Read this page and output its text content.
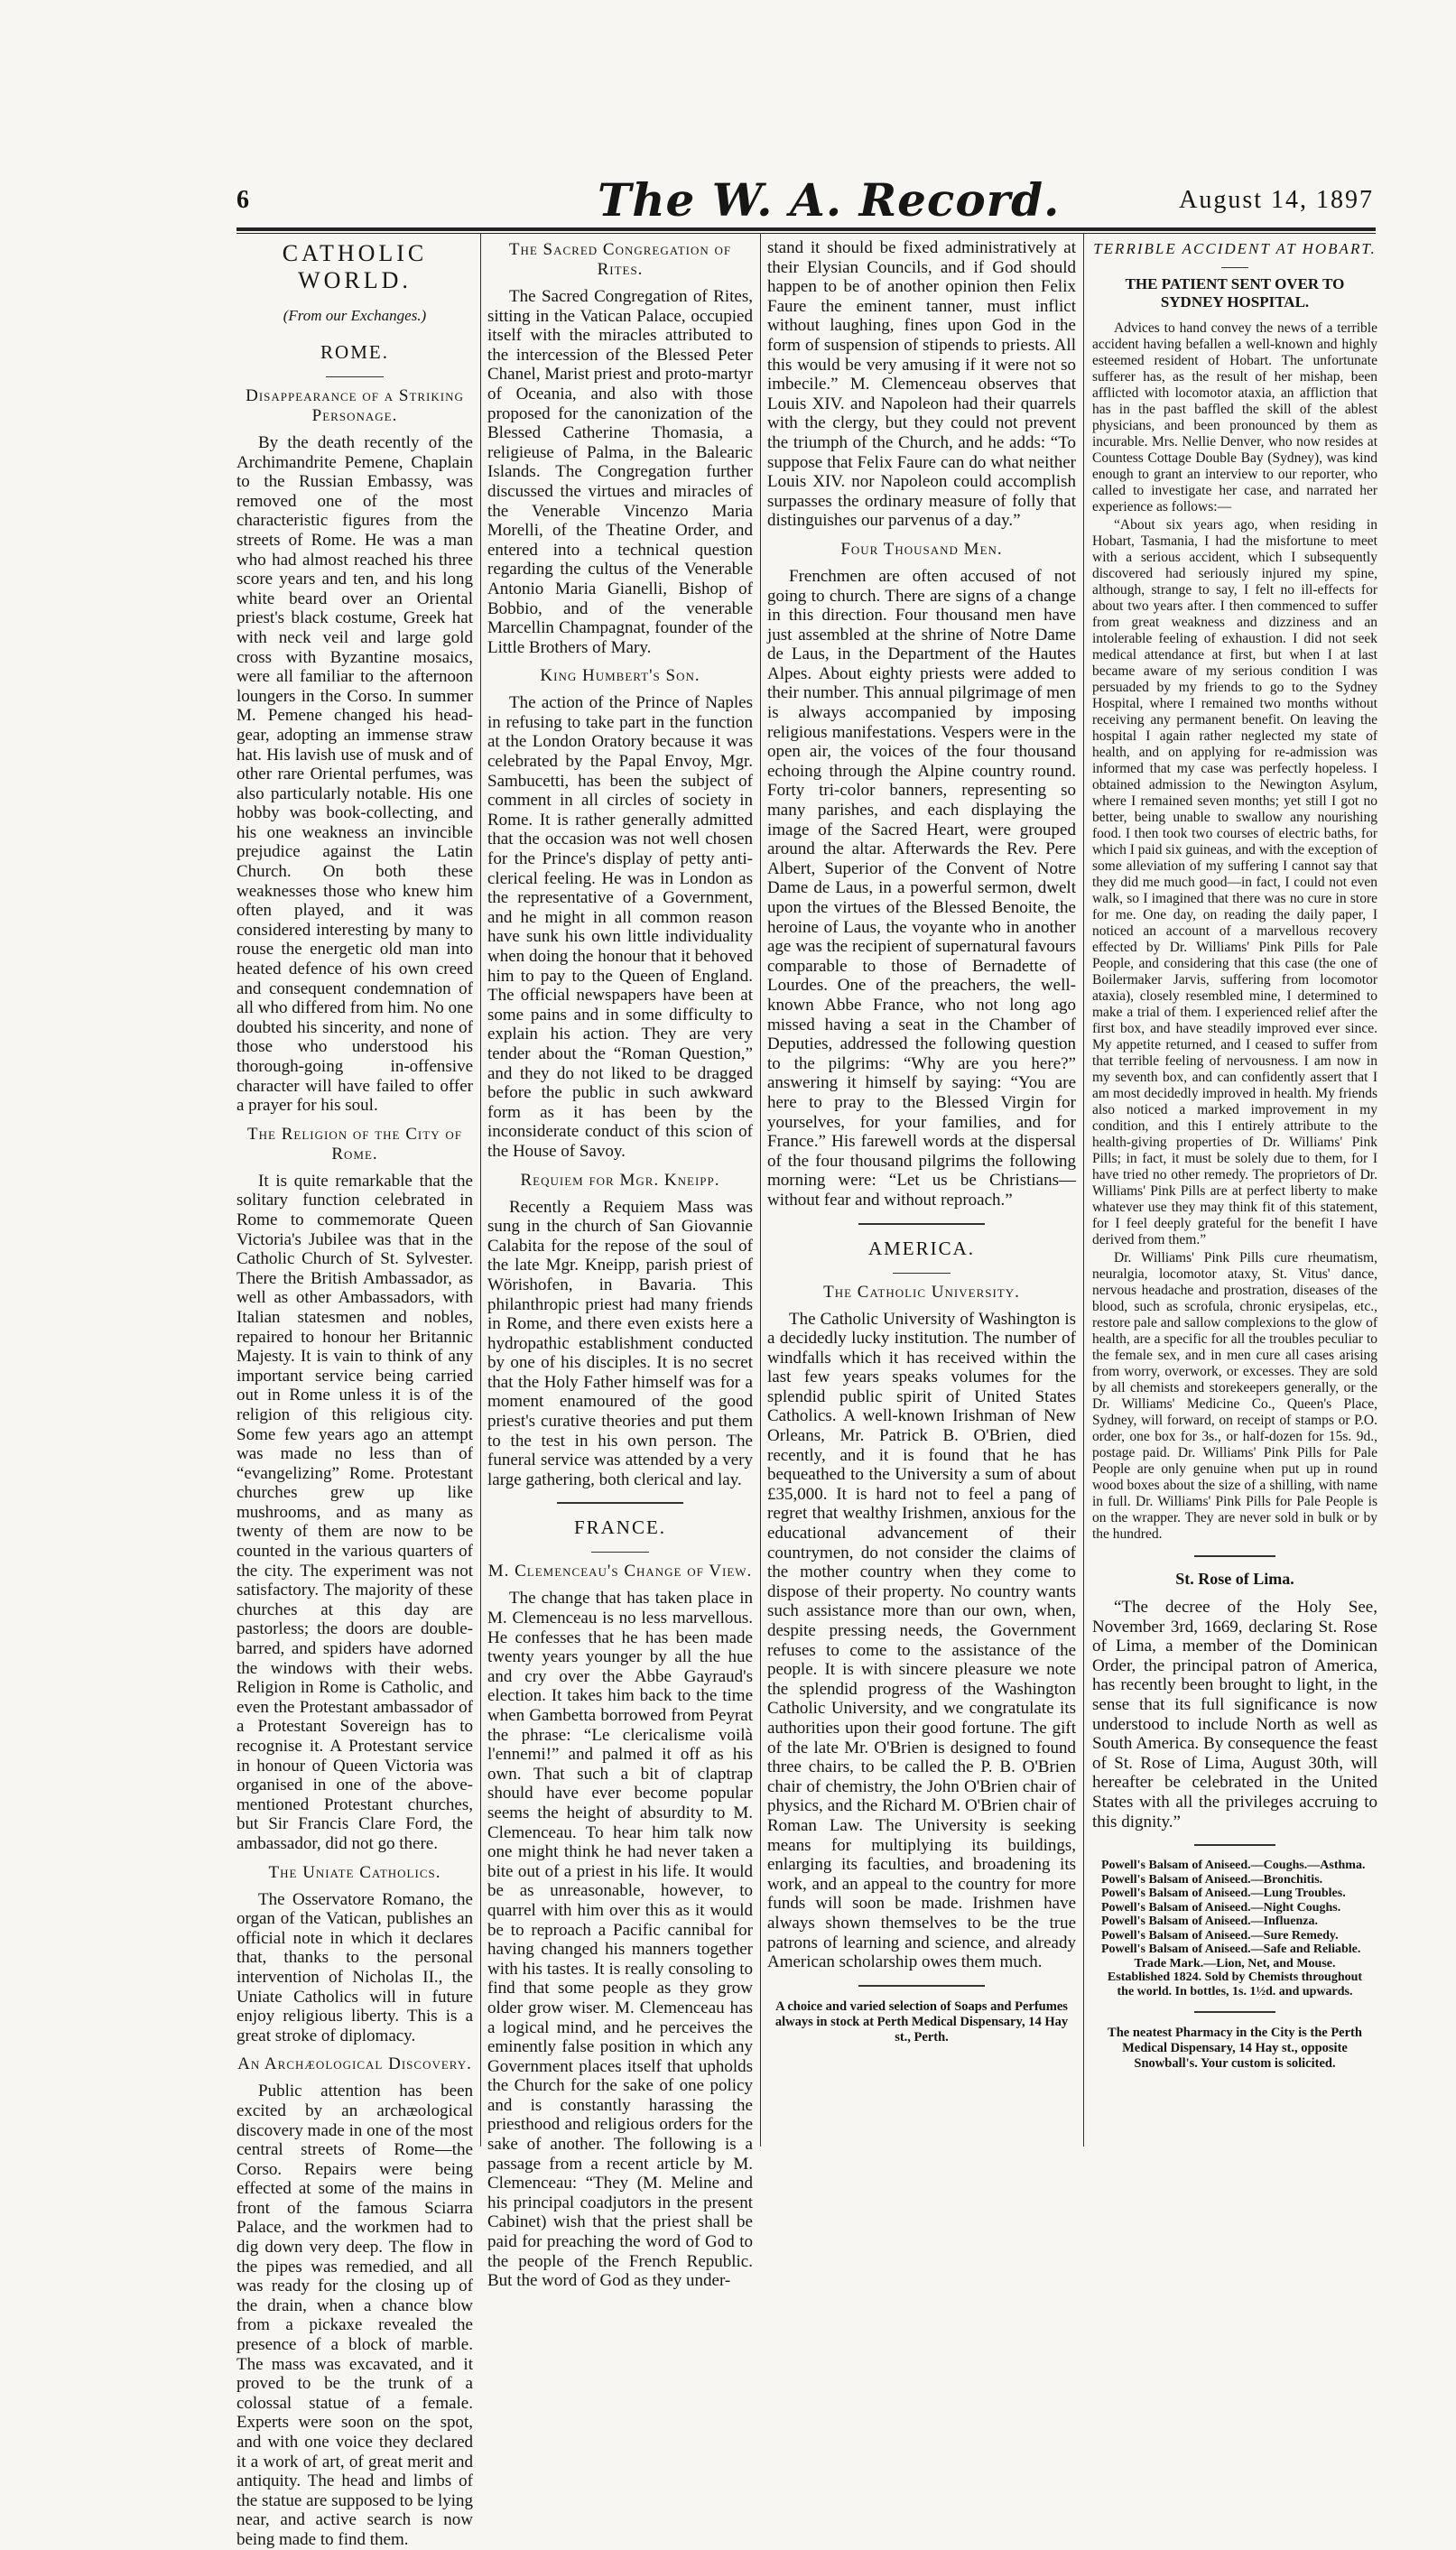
6	The W. A. Record.	August 14, 1897
CATHOLIC WORLD.
(From our Exchanges.)
ROME.
Disappearance of a Striking Personage.

By the death recently of the Archimandrite Pemene, Chaplain to the Russian Embassy, was removed one of the most characteristic figures from the streets of Rome. He was a man who had almost reached his three score years and ten, and his long white beard over an Oriental priest's black costume, Greek hat with neck veil and large gold cross with Byzantine mosaics, were all familiar to the afternoon loungers in the Corso. In summer M. Pemene changed his head-gear, adopting an immense straw hat. His lavish use of musk and of other rare Oriental perfumes, was also particularly notable. His one hobby was book-collecting, and his one weakness an invincible prejudice against the Latin Church. On both these weaknesses those who knew him often played, and it was considered interesting by many to rouse the energetic old man into heated defence of his own creed and consequent condemnation of all who differed from him. No one doubted his sincerity, and none of those who understood his thorough-going in-offensive character will have failed to offer a prayer for his soul.

The Religion of the City of Rome.

It is quite remarkable that the solitary function celebrated in Rome to commemorate Queen Victoria's Jubilee was that in the Catholic Church of St. Sylvester. There the British Ambassador, as well as other Ambassadors, with Italian statesmen and nobles, repaired to honour her Britannic Majesty. It is vain to think of any important service being carried out in Rome unless it is of the religion of this religious city. Some few years ago an attempt was made no less than of “evangelizing” Rome. Protestant churches grew up like mushrooms, and as many as twenty of them are now to be counted in the various quarters of the city. The experiment was not satisfactory. The majority of these churches at this day are pastorless; the doors are double-barred, and spiders have adorned the windows with their webs. Religion in Rome is Catholic, and even the Protestant ambassador of a Protestant Sovereign has to recognise it. A Protestant service in honour of Queen Victoria was organised in one of the above-mentioned Protestant churches, but Sir Francis Clare Ford, the ambassador, did not go there.

The Uniate Catholics.

The Osservatore Romano, the organ of the Vatican, publishes an official note in which it declares that, thanks to the personal intervention of Nicholas II., the Uniate Catholics will in future enjoy religious liberty. This is a great stroke of diplomacy.

An Archæological Discovery.

Public attention has been excited by an archæological discovery made in one of the most central streets of Rome—the Corso. Repairs were being effected at some of the mains in front of the famous Sciarra Palace, and the workmen had to dig down very deep. The flow in the pipes was remedied, and all was ready for the closing up of the drain, when a chance blow from a pickaxe revealed the presence of a block of marble. The mass was excavated, and it proved to be the trunk of a colossal statue of a female. Experts were soon on the spot, and with one voice they declared it a work of art, of great merit and antiquity. The head and limbs of the statue are supposed to be lying near, and active search is now being made to find them.

The Sacred Congregation of Rites.

The Sacred Congregation of Rites, sitting in the Vatican Palace, occupied itself with the miracles attributed to the intercession of the Blessed Peter Chanel, Marist priest and proto-martyr of Oceania, and also with those proposed for the canonization of the Blessed Catherine Thomasia, a religieuse of Palma, in the Balearic Islands. The Congregation further discussed the virtues and miracles of the Venerable Vincenzo Maria Morelli, of the Theatine Order, and entered into a technical question regarding the cultus of the Venerable Antonio Maria Gianelli, Bishop of Bobbio, and of the venerable Marcellin Champagnat, founder of the Little Brothers of Mary.

King Humbert's Son.

The action of the Prince of Naples in refusing to take part in the function at the London Oratory because it was celebrated by the Papal Envoy, Mgr. Sambucetti, has been the subject of comment in all circles of society in Rome. It is rather generally admitted that the occasion was not well chosen for the Prince's display of petty anti-clerical feeling. He was in London as the representative of a Government, and he might in all common reason have sunk his own little individuality when doing the honour that it behoved him to pay to the Queen of England. The official newspapers have been at some pains and in some difficulty to explain his action. They are very tender about the “Roman Question,” and they do not liked to be dragged before the public in such awkward form as it has been by the inconsiderate conduct of this scion of the House of Savoy.

Requiem for Mgr. Kneipp.

Recently a Requiem Mass was sung in the church of San Giovannie Calabita for the repose of the soul of the late Mgr. Kneipp, parish priest of Wörishofen, in Bavaria. This philanthropic priest had many friends in Rome, and there even exists here a hydropathic establishment conducted by one of his disciples. It is no secret that the Holy Father himself was for a moment enamoured of the good priest's curative theories and put them to the test in his own person. The funeral service was attended by a very large gathering, both clerical and lay.

FRANCE.
M. Clemenceau's Change of View.

The change that has taken place in M. Clemenceau is no less marvellous. He confesses that he has been made twenty years younger by all the hue and cry over the Abbe Gayraud's election. It takes him back to the time when Gambetta borrowed from Peyrat the phrase: “Le clericalisme voilà l'ennemi!” and palmed it off as his own. That such a bit of claptrap should have ever become popular seems the height of absurdity to M. Clemenceau. To hear him talk now one might think he had never taken a bite out of a priest in his life. It would be as unreasonable, however, to quarrel with him over this as it would be to reproach a Pacific cannibal for having changed his manners together with his tastes. It is really consoling to find that some people as they grow older grow wiser. M. Clemenceau has a logical mind, and he perceives the eminently false position in which any Government places itself that upholds the Church for the sake of one policy and is constantly harassing the priesthood and religious orders for the sake of another. The following is a passage from a recent article by M. Clemenceau: “They (M. Meline and his principal coadjutors in the present Cabinet) wish that the priest shall be paid for preaching the word of God to the people of the French Republic. But the word of God as they under-

stand it should be fixed administratively at their Elysian Councils, and if God should happen to be of another opinion then Felix Faure the eminent tanner, must inflict without laughing, fines upon God in the form of suspension of stipends to priests. All this would be very amusing if it were not so imbecile.” M. Clemenceau observes that Louis XIV. and Napoleon had their quarrels with the clergy, but they could not prevent the triumph of the Church, and he adds: “To suppose that Felix Faure can do what neither Louis XIV. nor Napoleon could accomplish surpasses the ordinary measure of folly that distinguishes our parvenus of a day.”

Four Thousand Men.

Frenchmen are often accused of not going to church. There are signs of a change in this direction. Four thousand men have just assembled at the shrine of Notre Dame de Laus, in the Department of the Hautes Alpes. About eighty priests were added to their number. This annual pilgrimage of men is always accompanied by imposing religious manifestations. Vespers were in the open air, the voices of the four thousand echoing through the Alpine country round. Forty tri-color banners, representing so many parishes, and each displaying the image of the Sacred Heart, were grouped around the altar. Afterwards the Rev. Pere Albert, Superior of the Convent of Notre Dame de Laus, in a powerful sermon, dwelt upon the virtues of the Blessed Benoite, the heroine of Laus, the voyante who in another age was the recipient of supernatural favours comparable to those of Bernadette of Lourdes. One of the preachers, the well-known Abbe France, who not long ago missed having a seat in the Chamber of Deputies, addressed the following question to the pilgrims: “Why are you here?” answering it himself by saying: “You are here to pray to the Blessed Virgin for yourselves, for your families, and for France.” His farewell words at the dispersal of the four thousand pilgrims the following morning were: “Let us be Christians—without fear and without reproach.”

AMERICA.
The Catholic University.

The Catholic University of Washington is a decidedly lucky institution. The number of windfalls which it has received within the last few years speaks volumes for the splendid public spirit of United States Catholics. A well-known Irishman of New Orleans, Mr. Patrick B. O'Brien, died recently, and it is found that he has bequeathed to the University a sum of about £35,000. It is hard not to feel a pang of regret that wealthy Irishmen, anxious for the educational advancement of their countrymen, do not consider the claims of the mother country when they come to dispose of their property. No country wants such assistance more than our own, when, despite pressing needs, the Government refuses to come to the assistance of the people. It is with sincere pleasure we note the splendid progress of the Washington Catholic University, and we congratulate its authorities upon their good fortune. The gift of the late Mr. O'Brien is designed to found three chairs, to be called the P. B. O'Brien chair of chemistry, the John O'Brien chair of physics, and the Richard M. O'Brien chair of Roman Law. The University is seeking means for multiplying its buildings, enlarging its faculties, and broadening its work, and an appeal to the country for more funds will soon be made. Irishmen have always shown themselves to be the true patrons of learning and science, and already American scholarship owes them much.

A choice and varied selection of Soaps and Perfumes always in stock at Perth Medical Dispensary, 14 Hay st., Perth.
TERRIBLE ACCIDENT AT HOBART.
THE PATIENT SENT OVER TO SYDNEY HOSPITAL.

Advices to hand convey the news of a terrible accident having befallen a well-known and highly esteemed resident of Hobart. The unfortunate sufferer has, as the result of her mishap, been afflicted with locomotor ataxia, an affliction that has in the past baffled the skill of the ablest physicians, and been pronounced by them as incurable. Mrs. Nellie Denver, who now resides at Countess Cottage Double Bay (Sydney), was kind enough to grant an interview to our reporter, who called to investigate her case, and narrated her experience as follows:—

“About six years ago, when residing in Hobart, Tasmania, I had the misfortune to meet with a serious accident, which I subsequently discovered had seriously injured my spine, although, strange to say, I felt no ill-effects for about two years after. I then commenced to suffer from great weakness and dizziness and an intolerable feeling of exhaustion. I did not seek medical attendance at first, but when I at last became aware of my serious condition I was persuaded by my friends to go to the Sydney Hospital, where I remained two months without receiving any permanent benefit. On leaving the hospital I again rather neglected my state of health, and on applying for re-admission was informed that my case was perfectly hopeless. I obtained admission to the Newington Asylum, where I remained seven months; yet still I got no better, being unable to swallow any nourishing food. I then took two courses of electric baths, for which I paid six guineas, and with the exception of some alleviation of my suffering I cannot say that they did me much good—in fact, I could not even walk, so I imagined that there was no cure in store for me. One day, on reading the daily paper, I noticed an account of a marvellous recovery effected by Dr. Williams' Pink Pills for Pale People, and considering that this case (the one of Boilermaker Jarvis, suffering from locomotor ataxia), closely resembled mine, I determined to make a trial of them. I experienced relief after the first box, and have steadily improved ever since. My appetite returned, and I ceased to suffer from that terrible feeling of nervousness. I am now in my seventh box, and can confidently assert that I am most decidedly improved in health. My friends also noticed a marked improvement in my condition, and this I entirely attribute to the health-giving properties of Dr. Williams' Pink Pills; in fact, it must be solely due to them, for I have tried no other remedy. The proprietors of Dr. Williams' Pink Pills are at perfect liberty to make whatever use they may think fit of this statement, for I feel deeply grateful for the benefit I have derived from them.”

Dr. Williams' Pink Pills cure rheumatism, neuralgia, locomotor ataxy, St. Vitus' dance, nervous headache and prostration, diseases of the blood, such as scrofula, chronic erysipelas, etc., restore pale and sallow complexions to the glow of health, are a specific for all the troubles peculiar to the female sex, and in men cure all cases arising from worry, overwork, or excesses. They are sold by all chemists and storekeepers generally, or the Dr. Williams' Medicine Co., Queen's Place, Sydney, will forward, on receipt of stamps or P.O. order, one box for 3s., or half-dozen for 15s. 9d., postage paid. Dr. Williams' Pink Pills for Pale People are only genuine when put up in round wood boxes about the size of a shilling, with name in full. Dr. Williams' Pink Pills for Pale People is on the wrapper. They are never sold in bulk or by the hundred.

St. Rose of Lima.

“The decree of the Holy See, November 3rd, 1669, declaring St. Rose of Lima, a member of the Dominican Order, the principal patron of America, has recently been brought to light, in the sense that its full significance is now understood to include North as well as South America. By consequence the feast of St. Rose of Lima, August 30th, will hereafter be celebrated in the United States with all the privileges accruing to this dignity.”

Powell's Balsam of Aniseed.—Coughs.—Asthma.
Powell's Balsam of Aniseed.—Bronchitis.
Powell's Balsam of Aniseed.—Lung Troubles.
Powell's Balsam of Aniseed.—Night Coughs.
Powell's Balsam of Aniseed.—Influenza.
Powell's Balsam of Aniseed.—Sure Remedy.
Powell's Balsam of Aniseed.—Safe and Reliable.
Trade Mark.—Lion, Net, and Mouse.
Established 1824. Sold by Chemists throughout the world. In bottles, 1s. 1½d. and upwards.
The neatest Pharmacy in the City is the Perth Medical Dispensary, 14 Hay st., opposite Snowball's. Your custom is solicited.
